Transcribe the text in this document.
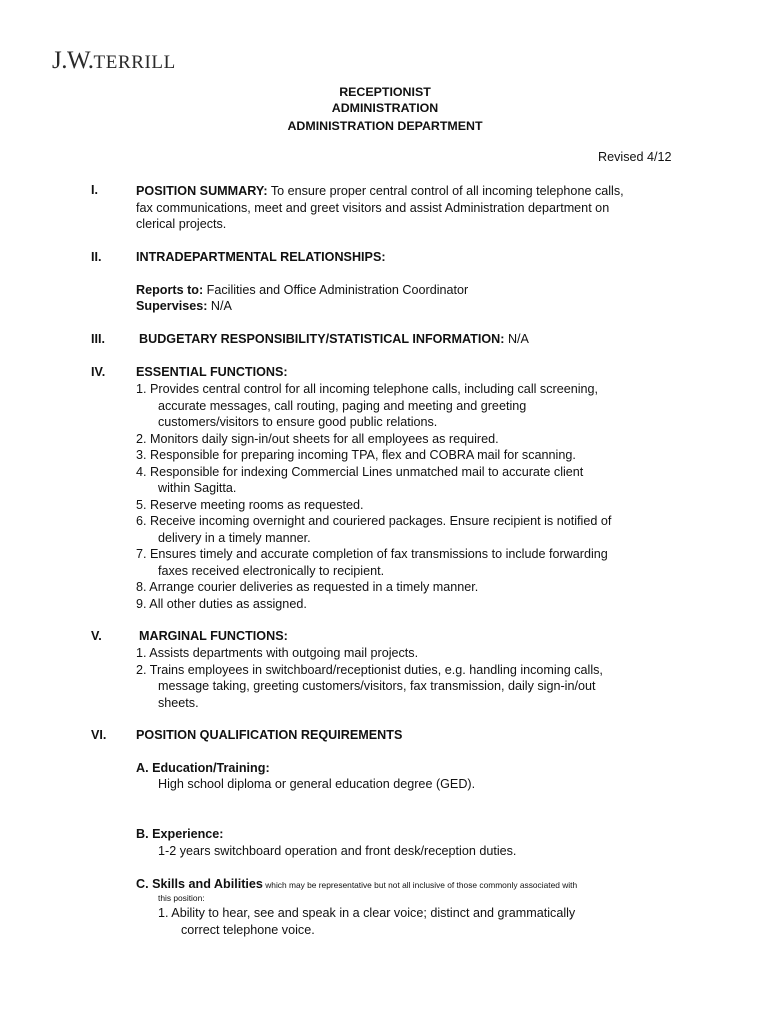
J.W.TERRILL
RECEPTIONIST
ADMINISTRATION
ADMINISTRATION DEPARTMENT
Revised 4/12
I.	POSITION SUMMARY: To ensure proper central control of all incoming telephone calls,
fax communications, meet and greet visitors and assist Administration department on
clerical projects.
II.	INTRADEPARTMENTAL RELATIONSHIPS:
Reports to: Facilities and Office Administration Coordinator
Supervises: N/A
III.	BUDGETARY RESPONSIBILITY/STATISTICAL INFORMATION: N/A
IV. ESSENTIAL FUNCTIONS:
1. Provides central control for all incoming telephone calls, including call screening,
accurate messages, call routing, paging and meeting and greeting
customers/visitors to ensure good public relations.
2. Monitors daily sign-in/out sheets for all employees as required.
3. Responsible for preparing incoming TPA, flex and COBRA mail for scanning.
4. Responsible for indexing Commercial Lines unmatched mail to accurate client
within Sagitta.
5. Reserve meeting rooms as requested.
6. Receive incoming overnight and couriered packages. Ensure recipient is notified of
delivery in a timely manner.
7. Ensures timely and accurate completion of fax transmissions to include forwarding
faxes received electronically to recipient.
8. Arrange courier deliveries as requested in a timely manner.
9. All other duties as assigned.
V.	MARGINAL FUNCTIONS:
1. Assists departments with outgoing mail projects.
2. Trains employees in switchboard/receptionist duties, e.g. handling incoming calls,
message taking, greeting customers/visitors, fax transmission, daily sign-in/out
sheets.
VI. POSITION QUALIFICATION REQUIREMENTS
A. Education/Training:
High school diploma or general education degree (GED).
B. Experience:
1-2 years switchboard operation and front desk/reception duties.
C. Skills and Abilities which may be representative but not all inclusive of those commonly associated with
this position:
1. Ability to hear, see and speak in a clear voice; distinct and grammatically
correct telephone voice.
